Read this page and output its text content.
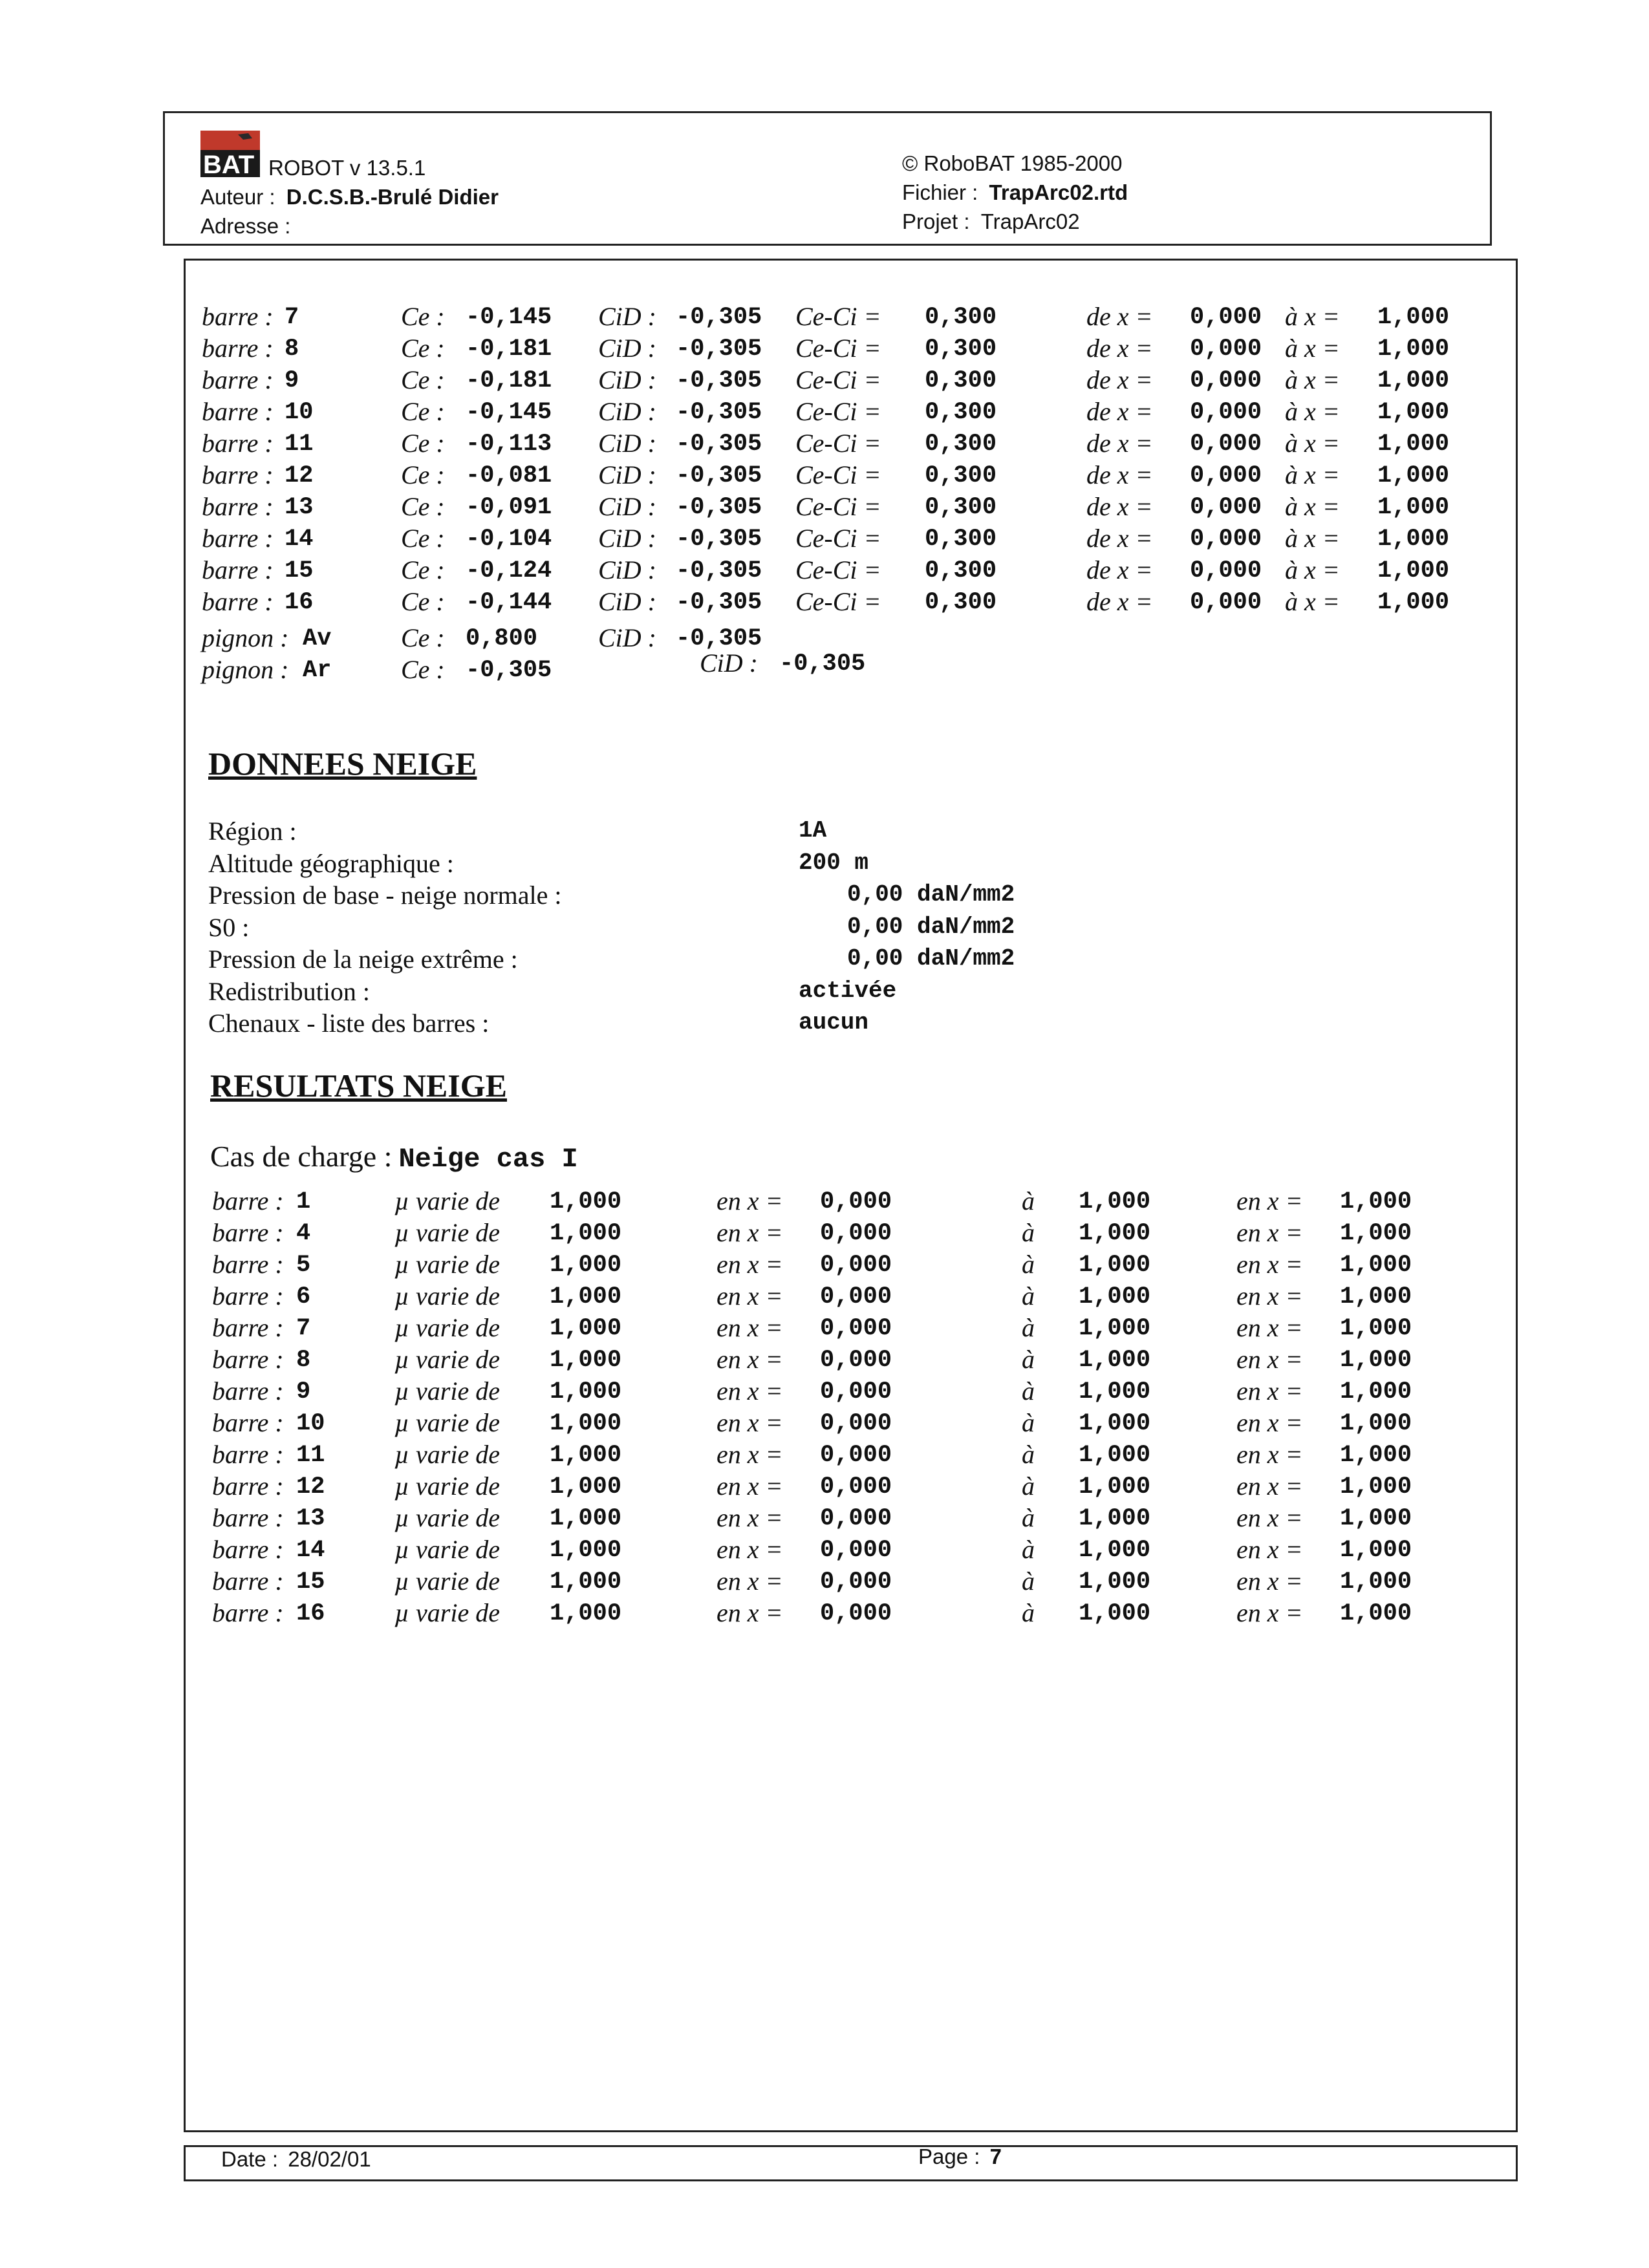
BAT ROBOT v 13.5.1
Auteur : D.C.S.B.-Brulé Didier
Adresse :
© RoboBAT 1985-2000
Fichier : TrapArc02.rtd
Projet : TrapArc02
barre : 7	Ce : -0,145 CiD : -0,305 Ce-Ci = 0,300	de x = 0,000 à x = 1,000
barre : 8	Ce : -0,181 CiD : -0,305 Ce-Ci = 0,300	de x = 0,000 à x = 1,000
barre : 9	Ce : -0,181 CiD : -0,305 Ce-Ci = 0,300	de x = 0,000 à x = 1,000
barre : 10	Ce : -0,145 CiD : -0,305 Ce-Ci = 0,300	de x = 0,000 à x = 1,000
barre : 11	Ce : -0,113 CiD : -0,305 Ce-Ci = 0,300	de x = 0,000 à x = 1,000
barre : 12	Ce : -0,081 CiD : -0,305 Ce-Ci = 0,300	de x = 0,000 à x = 1,000
barre : 13	Ce : -0,091 CiD : -0,305 Ce-Ci = 0,300	de x = 0,000 à x = 1,000
barre : 14	Ce : -0,104 CiD : -0,305 Ce-Ci = 0,300	de x = 0,000 à x = 1,000
barre : 15	Ce : -0,124 CiD : -0,305 Ce-Ci = 0,300	de x = 0,000 à x = 1,000
barre : 16	Ce : -0,144 CiD : -0,305 Ce-Ci = 0,300	de x = 0,000 à x = 1,000
pignon : Av	Ce : 0,800 CiD : -0,305
pignon : Ar	Ce : -0,305	CiD : -0,305
DONNEES NEIGE
Région :	1A
Altitude géographique :	200 m
Pression de base - neige normale :	0,00 daN/mm2
S0 :	0,00 daN/mm2
Pression de la neige extrême :	0,00 daN/mm2
Redistribution :	activée
Chenaux - liste des barres :	aucun
RESULTATS NEIGE
Cas de charge : Neige cas I
barre : 1	µ varie de 1,000	en x = 0,000	à 1,000	en x = 1,000
barre : 4	µ varie de 1,000	en x = 0,000	à 1,000	en x = 1,000
barre : 5	µ varie de 1,000	en x = 0,000	à 1,000	en x = 1,000
barre : 6	µ varie de 1,000	en x = 0,000	à 1,000	en x = 1,000
barre : 7	µ varie de 1,000	en x = 0,000	à 1,000	en x = 1,000
barre : 8	µ varie de 1,000	en x = 0,000	à 1,000	en x = 1,000
barre : 9	µ varie de 1,000	en x = 0,000	à 1,000	en x = 1,000
barre : 10	µ varie de 1,000	en x = 0,000	à 1,000	en x = 1,000
barre : 11	µ varie de 1,000	en x = 0,000	à 1,000	en x = 1,000
barre : 12	µ varie de 1,000	en x = 0,000	à 1,000	en x = 1,000
barre : 13	µ varie de 1,000	en x = 0,000	à 1,000	en x = 1,000
barre : 14	µ varie de 1,000	en x = 0,000	à 1,000	en x = 1,000
barre : 15	µ varie de 1,000	en x = 0,000	à 1,000	en x = 1,000
barre : 16	µ varie de 1,000	en x = 0,000	à 1,000	en x = 1,000
Date : 28/02/01	Page : 7
